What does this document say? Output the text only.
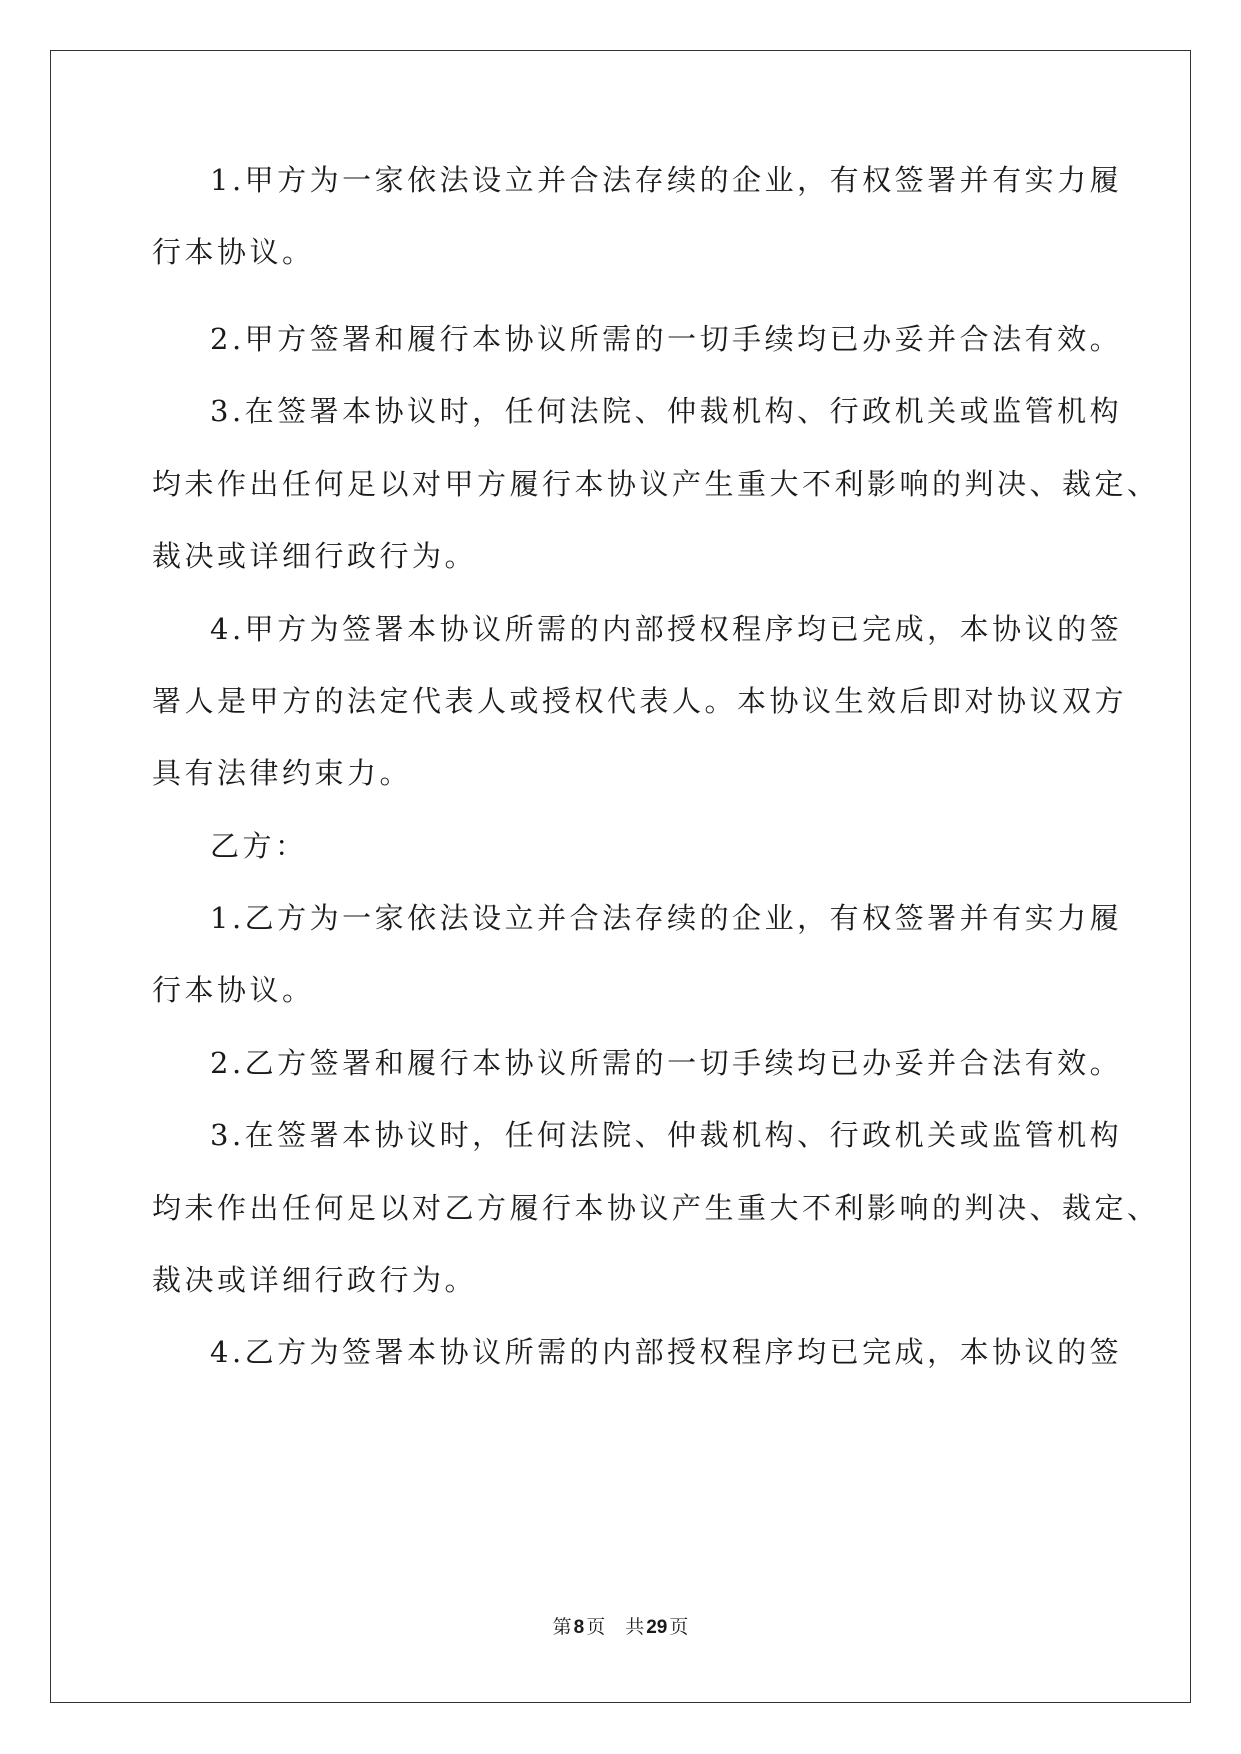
1.甲方为一家依法设立并合法存续的企业，有权签署并有实力履
行本协议。
2.甲方签署和履行本协议所需的一切手续均已办妥并合法有效。
3.在签署本协议时，任何法院、仲裁机构、行政机关或监管机构
均未作出任何足以对甲方履行本协议产生重大不利影响的判决、裁定、
裁决或详细行政行为。
4.甲方为签署本协议所需的内部授权程序均已完成，本协议的签
署人是甲方的法定代表人或授权代表人。本协议生效后即对协议双方
具有法律约束力。
乙方：
1.乙方为一家依法设立并合法存续的企业，有权签署并有实力履
行本协议。
2.乙方签署和履行本协议所需的一切手续均已办妥并合法有效。
3.在签署本协议时，任何法院、仲裁机构、行政机关或监管机构
均未作出任何足以对乙方履行本协议产生重大不利影响的判决、裁定、
裁决或详细行政行为。
4.乙方为签署本协议所需的内部授权程序均已完成，本协议的签
第 8 页 共 29 页
